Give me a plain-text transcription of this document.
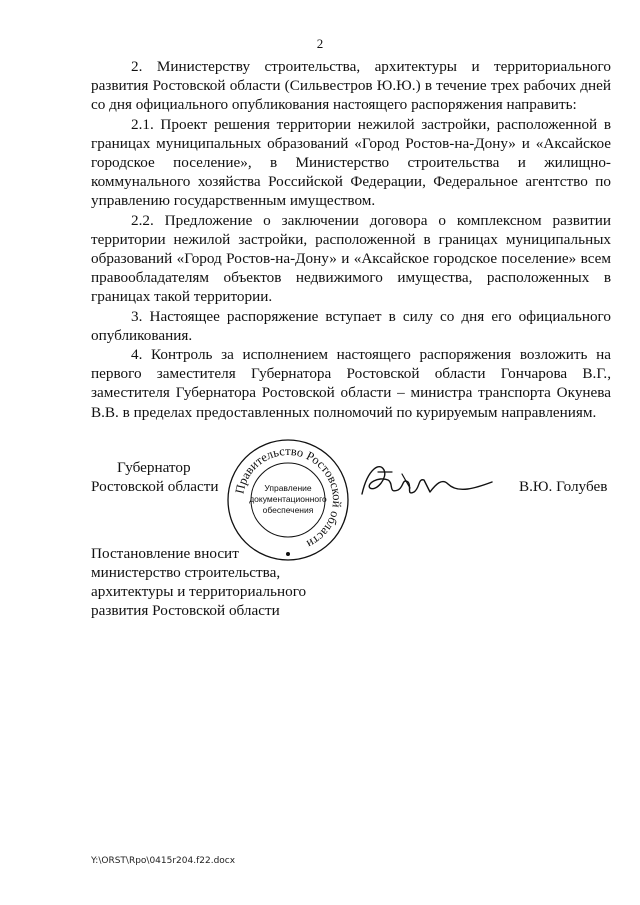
2

2. Министерству строительства, архитектуры и территориального развития Ростовской области (Сильвестров Ю.Ю.) в течение трех рабочих дней со дня официального опубликования настоящего распоряжения направить:

2.1. Проект решения территории нежилой застройки, расположенной в границах муниципальных образований «Город Ростов-на-Дону» и «Аксайское городское поселение», в Министерство строительства и жилищно-коммунального хозяйства Российской Федерации, Федеральное агентство по управлению государственным имуществом.

2.2. Предложение о заключении договора о комплексном развитии территории нежилой застройки, расположенной в границах муниципальных образований «Город Ростов-на-Дону» и «Аксайское городское поселение» всем правообладателям объектов недвижимого имущества, расположенных в границах такой территории.

3. Настоящее распоряжение вступает в силу со дня его официального опубликования.

4. Контроль за исполнением настоящего распоряжения возложить на первого заместителя Губернатора Ростовской области Гончарова В.Г., заместителя Губернатора Ростовской области – министра транспорта Окунева В.В. в пределах предоставленных полномочий по курируемым направлениям.

Губернатор
Ростовской области Правительство Ростовской области
Управление
документационного
обеспечения
В.Ю. Голубев
Постановление вносит
министерство строительства,
архитектуры и территориального
развития Ростовской области
Y:\ORST\Rpo\0415r204.f22.docx
